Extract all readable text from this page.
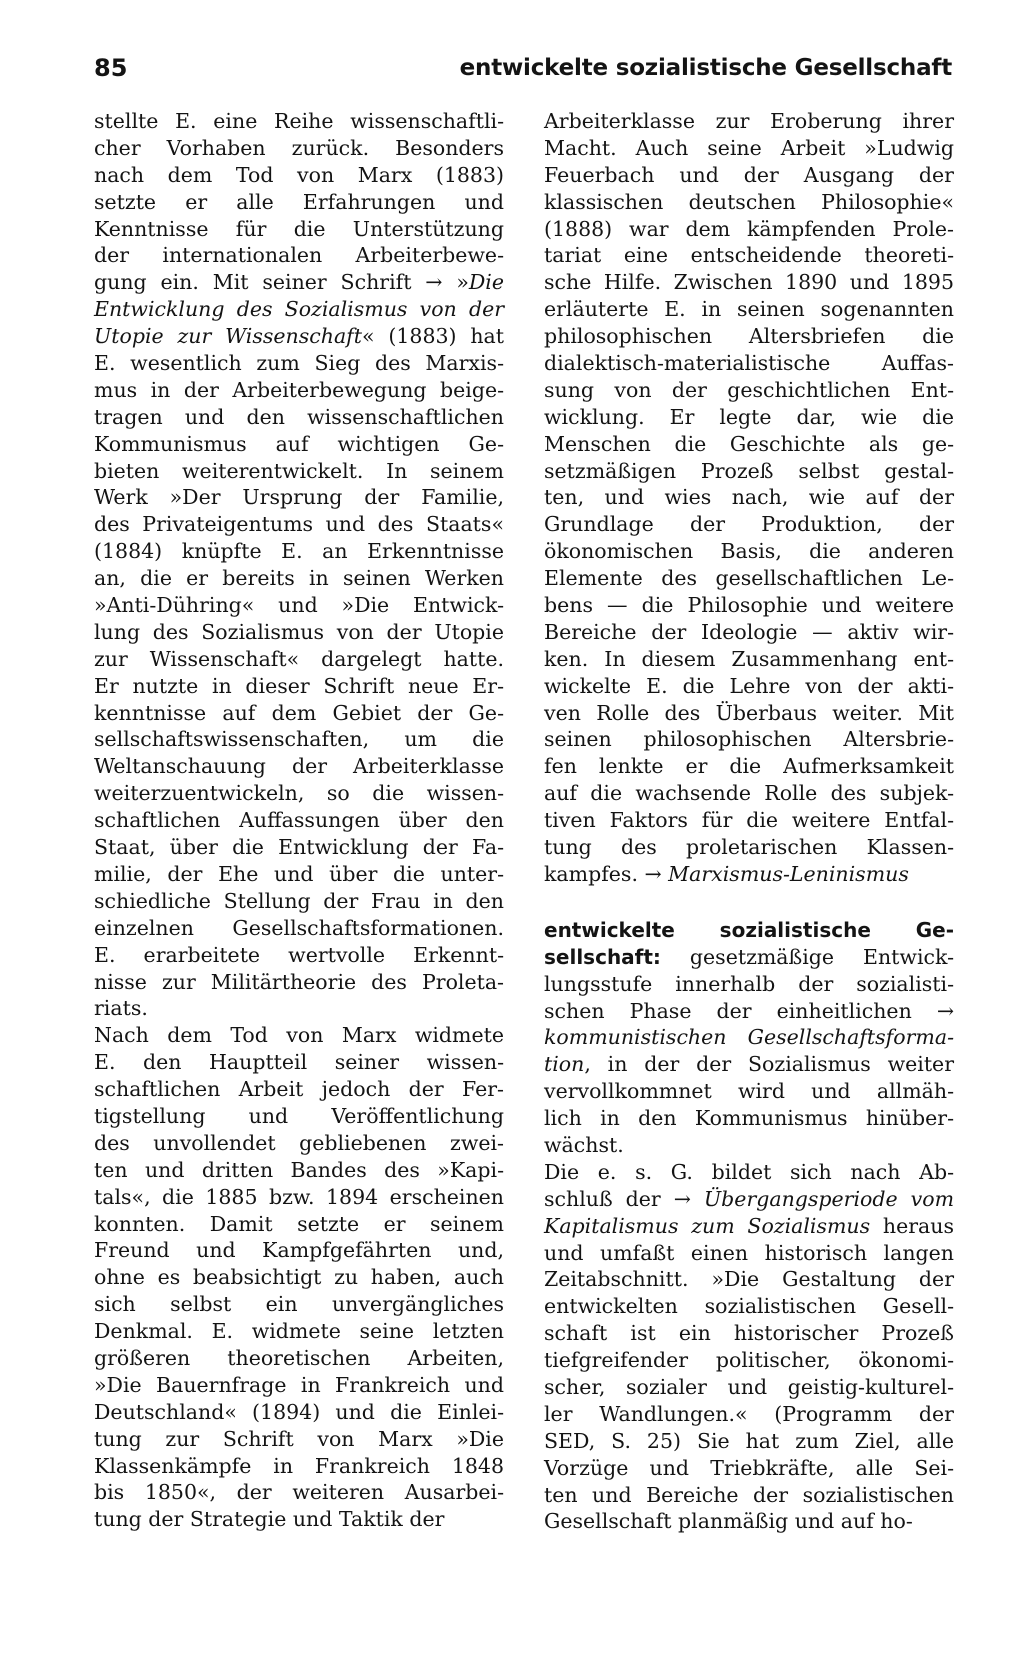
85	entwickelte sozialistische Gesellschaft
stellte E. eine Reihe wissenschaftli-
cher Vorhaben zurück. Besonders
nach dem Tod von Marx (1883)
setzte er alle Erfahrungen und
Kenntnisse für die Unterstützung
der internationalen Arbeiterbewe-
gung ein. Mit seiner Schrift → »Die
Entwicklung des Sozialismus von der
Utopie zur Wissenschaft« (1883) hat
E. wesentlich zum Sieg des Marxis-
mus in der Arbeiterbewegung beige-
tragen und den wissenschaftlichen
Kommunismus auf wichtigen Ge-
bieten weiterentwickelt. In seinem
Werk »Der Ursprung der Familie,
des Privateigentums und des Staats«
(1884) knüpfte E. an Erkenntnisse
an, die er bereits in seinen Werken
»Anti-Dühring« und »Die Entwick-
lung des Sozialismus von der Utopie
zur Wissenschaft« dargelegt hatte.
Er nutzte in dieser Schrift neue Er-
kenntnisse auf dem Gebiet der Ge-
sellschaftswissenschaften, um die
Weltanschauung der Arbeiterklasse
weiterzuentwickeln, so die wissen-
schaftlichen Auffassungen über den
Staat, über die Entwicklung der Fa-
milie, der Ehe und über die unter-
schiedliche Stellung der Frau in den
einzelnen Gesellschaftsformationen.
E. erarbeitete wertvolle Erkennt-
nisse zur Militärtheorie des Proleta-
riats.
Nach dem Tod von Marx widmete
E. den Hauptteil seiner wissen-
schaftlichen Arbeit jedoch der Fer-
tigstellung und Veröffentlichung
des unvollendet gebliebenen zwei-
ten und dritten Bandes des »Kapi-
tals«, die 1885 bzw. 1894 erscheinen
konnten. Damit setzte er seinem
Freund und Kampfgefährten und,
ohne es beabsichtigt zu haben, auch
sich selbst ein unvergängliches
Denkmal. E. widmete seine letzten
größeren theoretischen Arbeiten,
»Die Bauernfrage in Frankreich und
Deutschland« (1894) und die Einlei-
tung zur Schrift von Marx »Die
Klassenkämpfe in Frankreich 1848
bis 1850«, der weiteren Ausarbei-
tung der Strategie und Taktik der
Arbeiterklasse zur Eroberung ihrer
Macht. Auch seine Arbeit »Ludwig
Feuerbach und der Ausgang der
klassischen deutschen Philosophie«
(1888) war dem kämpfenden Prole-
tariat eine entscheidende theoreti-
sche Hilfe. Zwischen 1890 und 1895
erläuterte E. in seinen sogenannten
philosophischen Altersbriefen die
dialektisch-materialistische Auffas-
sung von der geschichtlichen Ent-
wicklung. Er legte dar, wie die
Menschen die Geschichte als ge-
setzmäßigen Prozeß selbst gestal-
ten, und wies nach, wie auf der
Grundlage der Produktion, der
ökonomischen Basis, die anderen
Elemente des gesellschaftlichen Le-
bens — die Philosophie und weitere
Bereiche der Ideologie — aktiv wir-
ken. In diesem Zusammenhang ent-
wickelte E. die Lehre von der akti-
ven Rolle des Überbaus weiter. Mit
seinen philosophischen Altersbrie-
fen lenkte er die Aufmerksamkeit
auf die wachsende Rolle des subjek-
tiven Faktors für die weitere Entfal-
tung des proletarischen Klassen-
kampfes. → Marxismus-Leninismus
entwickelte sozialistische Ge-
sellschaft: gesetzmäßige Entwick-
lungsstufe innerhalb der sozialisti-
schen Phase der einheitlichen →
kommunistischen Gesellschaftsforma-
tion, in der der Sozialismus weiter
vervollkommnet wird und allmäh-
lich in den Kommunismus hinüber-
wächst.
Die e. s. G. bildet sich nach Ab-
schluß der → Übergangsperiode vom
Kapitalismus zum Sozialismus heraus
und umfaßt einen historisch langen
Zeitabschnitt. »Die Gestaltung der
entwickelten sozialistischen Gesell-
schaft ist ein historischer Prozeß
tiefgreifender politischer, ökonomi-
scher, sozialer und geistig-kulturel-
ler Wandlungen.« (Programm der
SED, S. 25) Sie hat zum Ziel, alle
Vorzüge und Triebkräfte, alle Sei-
ten und Bereiche der sozialistischen
Gesellschaft planmäßig und auf ho-
